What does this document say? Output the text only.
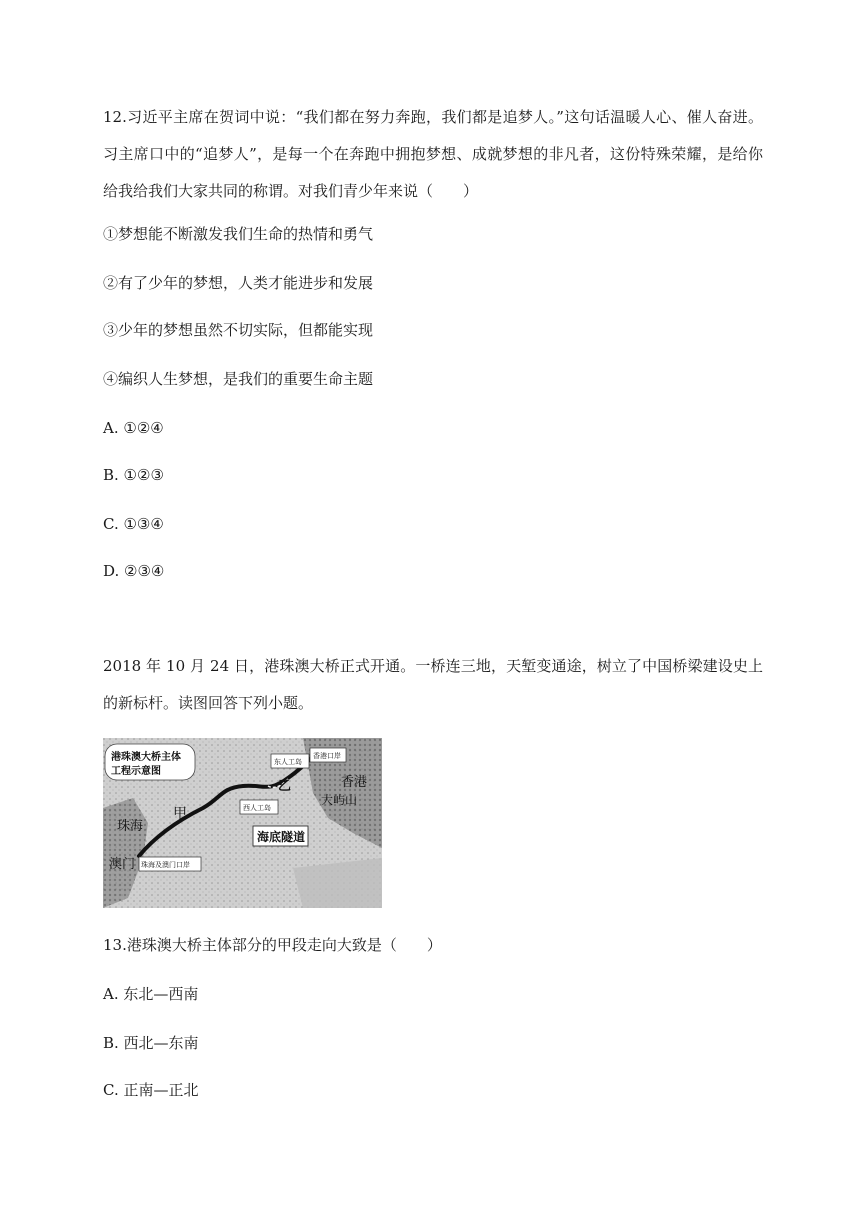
12.习近平主席在贺词中说：“我们都在努力奔跑，我们都是追梦人。”这句话温暖人心、催人奋进。习主席口中的“追梦人”，是每一个在奔跑中拥抱梦想、成就梦想的非凡者，这份特殊荣耀，是给你给我给我们大家共同的称谓。对我们青少年来说（　　）
①梦想能不断激发我们生命的热情和勇气
②有了少年的梦想，人类才能进步和发展
③少年的梦想虽然不切实际，但都能实现
④编织人生梦想，是我们的重要生命主题
A. ①②④
B. ①②③
C. ①③④
D. ②③④
2018 年 10 月 24 日，港珠澳大桥正式开通。一桥连三地，天堑变通途，树立了中国桥梁建设史上的新标杆。读图回答下列小题。
港珠澳大桥主体
工程示意图
东人工岛
香港口岸
乙	香港
大屿山
甲
珠海
西人工岛
海底隧道
澳门 珠海及澳门口岸
13.港珠澳大桥主体部分的甲段走向大致是（　　）
A. 东北—西南
B. 西北—东南
C. 正南—正北
